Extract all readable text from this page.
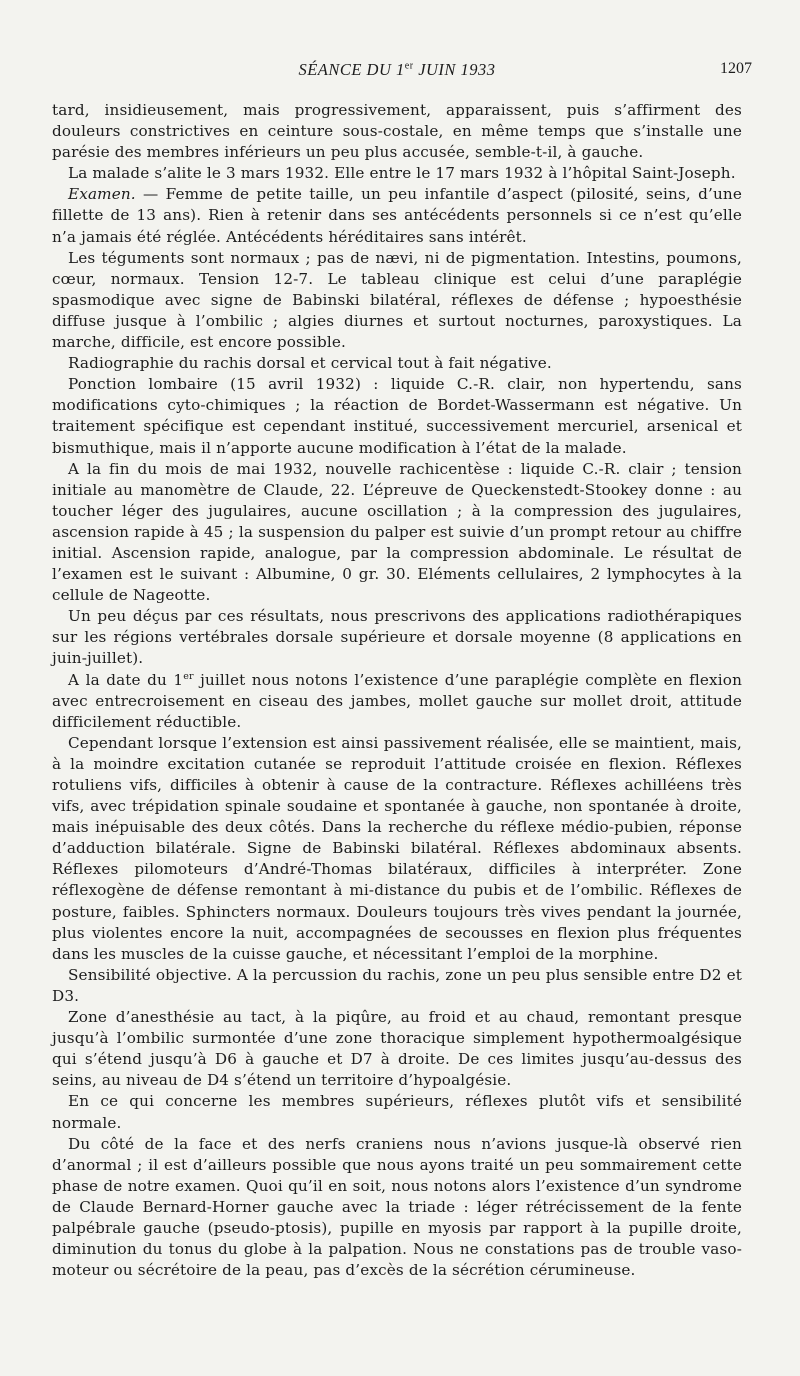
SÉANCE DU 1er JUIN 1933	1207

tard, insidieusement, mais progressivement, apparaissent, puis s’affirment des douleurs constrictives en ceinture sous-costale, en même temps que s’installe une parésie des membres inférieurs un peu plus accusée, semble-t-il, à gauche.

La malade s’alite le 3 mars 1932. Elle entre le 17 mars 1932 à l’hôpital Saint-Joseph.

Examen. — Femme de petite taille, un peu infantile d’aspect (pilosité, seins, d’une fillette de 13 ans). Rien à retenir dans ses antécédents personnels si ce n’est qu’elle n’a jamais été réglée. Antécédents héréditaires sans intérêt.

Les téguments sont normaux ; pas de nævi, ni de pigmentation. Intestins, poumons, cœur, normaux. Tension 12-7. Le tableau clinique est celui d’une paraplégie spasmodique avec signe de Babinski bilatéral, réflexes de défense ; hypoesthésie diffuse jusque à l’ombilic ; algies diurnes et surtout nocturnes, paroxystiques. La marche, difficile, est encore possible.

Radiographie du rachis dorsal et cervical tout à fait négative.

Ponction lombaire (15 avril 1932) : liquide C.-R. clair, non hypertendu, sans modifications cyto-chimiques ; la réaction de Bordet-Wassermann est négative. Un traitement spécifique est cependant institué, successivement mercuriel, arsenical et bismuthique, mais il n’apporte aucune modification à l’état de la malade.

A la fin du mois de mai 1932, nouvelle rachicentèse : liquide C.-R. clair ; tension initiale au manomètre de Claude, 22. L’épreuve de Queckenstedt-Stookey donne : au toucher léger des jugulaires, aucune oscillation ; à la compression des jugulaires, ascension rapide à 45 ; la suspension du palper est suivie d’un prompt retour au chiffre initial. Ascension rapide, analogue, par la compression abdominale. Le résultat de l’examen est le suivant : Albumine, 0 gr. 30. Eléments cellulaires, 2 lymphocytes à la cellule de Nageotte.

Un peu déçus par ces résultats, nous prescrivons des applications radiothérapiques sur les régions vertébrales dorsale supérieure et dorsale moyenne (8 applications en juin-juillet).

A la date du 1er juillet nous notons l’existence d’une paraplégie complète en flexion avec entrecroisement en ciseau des jambes, mollet gauche sur mollet droit, attitude difficilement réductible.

Cependant lorsque l’extension est ainsi passivement réalisée, elle se maintient, mais, à la moindre excitation cutanée se reproduit l’attitude croisée en flexion. Réflexes rotuliens vifs, difficiles à obtenir à cause de la contracture. Réflexes achilléens très vifs, avec trépidation spinale soudaine et spontanée à gauche, non spontanée à droite, mais inépuisable des deux côtés. Dans la recherche du réflexe médio-pubien, réponse d’adduction bilatérale. Signe de Babinski bilatéral. Réflexes abdominaux absents. Réflexes pilomoteurs d’André-Thomas bilatéraux, difficiles à interpréter. Zone réflexogène de défense remontant à mi-distance du pubis et de l’ombilic. Réflexes de posture, faibles. Sphincters normaux. Douleurs toujours très vives pendant la journée, plus violentes encore la nuit, accompagnées de secousses en flexion plus fréquentes dans les muscles de la cuisse gauche, et nécessitant l’emploi de la morphine.

Sensibilité objective. A la percussion du rachis, zone un peu plus sensible entre D2 et D3.

Zone d’anesthésie au tact, à la piqûre, au froid et au chaud, remontant presque jusqu’à l’ombilic surmontée d’une zone thoracique simplement hypothermoalgésique qui s’étend jusqu’à D6 à gauche et D7 à droite. De ces limites jusqu’au-dessus des seins, au niveau de D4 s’étend un territoire d’hypoalgésie.

En ce qui concerne les membres supérieurs, réflexes plutôt vifs et sensibilité normale.

Du côté de la face et des nerfs craniens nous n’avions jusque-là observé rien d’anormal ; il est d’ailleurs possible que nous ayons traité un peu sommairement cette phase de notre examen. Quoi qu’il en soit, nous notons alors l’existence d’un syndrome de Claude Bernard-Horner gauche avec la triade : léger rétrécissement de la fente palpébrale gauche (pseudo-ptosis), pupille en myosis par rapport à la pupille droite, diminution du tonus du globe à la palpation. Nous ne constations pas de trouble vaso-moteur ou sécrétoire de la peau, pas d’excès de la sécrétion cérumineuse.
